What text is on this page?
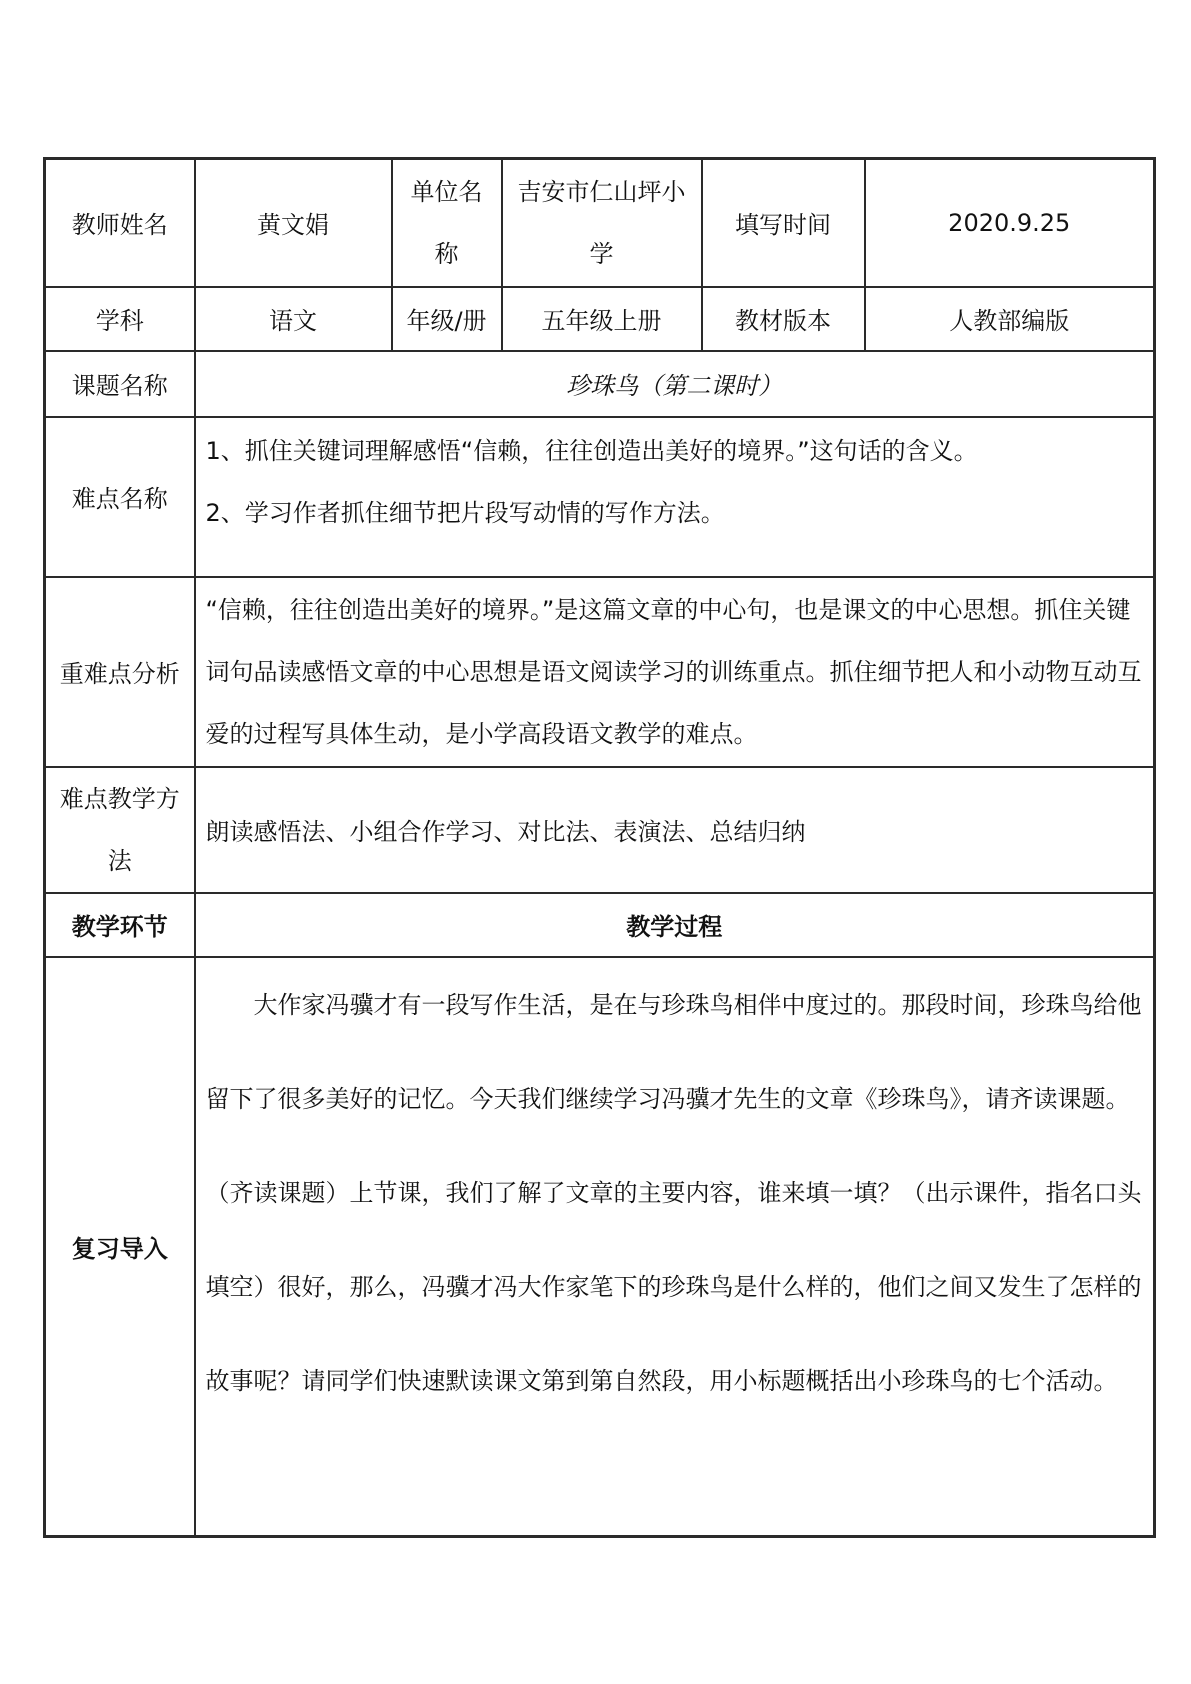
教师姓名	黄文娟	单位名称	吉安市仁山坪小学	填写时间	2020.9.25
学科	语文	年级/册	五年级上册	教材版本	人教部编版
课题名称	珍珠鸟（第二课时）				
难点名称	1、抓住关键词理解感悟“信赖，往往创造出美好的境界。”这句话的含义。
2、学习作者抓住细节把片段写动情的写作方法。				

重难点分析	“信赖，往往创造出美好的境界。”是这篇文章的中心句，也是课文的中心思想。抓住关键词句品读感悟文章的中心思想是语文阅读学习的训练重点。抓住细节把人和小动物互动互爱的过程写具体生动，是小学高段语文教学的难点。				
难点教学方法	朗读感悟法、小组合作学习、对比法、表演法、总结归纳				
教学环节	教学过程				
复习导入	大作家冯骥才有一段写作生活，是在与珍珠鸟相伴中度过的。那段时间，珍珠鸟给他留下了很多美好的记忆。今天我们继续学习冯骥才先生的文章《珍珠鸟》，请齐读课题。（齐读课题）上节课，我们了解了文章的主要内容，谁来填一填？（出示课件，指名口头填空）很好，那么，冯骥才冯大作家笔下的珍珠鸟是什么样的，他们之间又发生了怎样的故事呢？请同学们快速默读课文第到第自然段，用小标题概括出小珍珠鸟的七个活动。				
